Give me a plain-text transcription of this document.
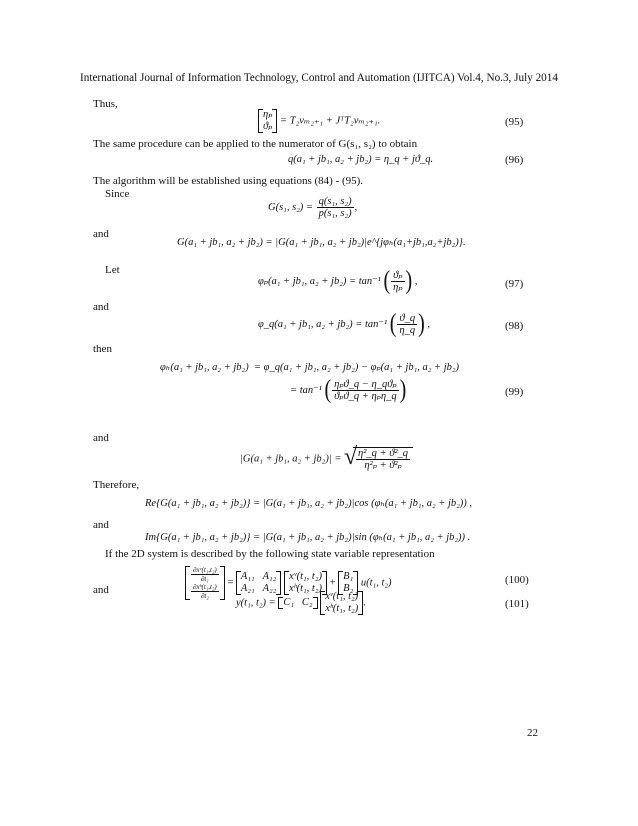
International Journal of Information Technology, Control and Automation (IJITCA) Vol.4, No.3, July 2014
Thus,
ηₚ
ϑₚ
= T₂vₘ₂₊₁ + JᵀT₂vₘ₂₊₁.	(95)
The same procedure can be applied to the numerator of G(s₁, s₂) to obtain
q(a₁ + jb₁, a₂ + jb₂) = η_q + jϑ_q.	(96)
The algorithm will be established using equations (84) - (95).
Since
G(s₁, $s_2) = \frac{\text{q(s₁, s₂)}}{\text{p(s₁, s₂)}}$ ,
and
G(a₁ + jb₁, a₂ + jb₂) = |G(a₁ + jb₁, a₂ + jb₂)|e^{jφₕ(a₁+jb₁,a₂+jb₂)}.
Let
φₚ(a₁ + jb₁, a₂ + jb₂) = tan⁻¹ ( $\frac{\text{ϑₚ}}{\text{ηₚ}}$ ) ,	(97)
and
φ_q(a₁ + jb₁, a₂ + jb₂) = tan⁻¹ ( $\frac{ϑ\_q}{\eta\_q}$ ) ,	(98)
then
φₕ(a₁ + jb₁, a₂ + jb₂) = φ_q(a₁ + jb₁, a₂ + jb₂) − φₚ(a₁ + jb₁, a₂ + jb₂)
= tan⁻¹ ( $\frac{\text{ηₚϑ\_q − η\_qϑₚ}}{\text{ϑₚϑ\_q + ηₚη\_q}}$ )	(99)
and
|G(a₁ + jb₁, a₂ + jb₂)| = √
$\frac{\text{η²\_q + ϑ²\_q}}{\text{η²ₚ + ϑ²ₚ}}$
Therefore,
Re{G(a₁ + jb₁, a₂ + jb₂)} = |G(a₁ + jb₁, a₂ + jb₂)|cos (φₕ(a₁ + jb₁, a₂ + jb₂)) ,
and
Im{G(a₁ + jb₁, a₂ + jb₂)} = |G(a₁ + jb₁, a₂ + jb₂)|sin (φₕ(a₁ + jb₁, a₂ + jb₂)) .
If the 2D system is described by the following state variable representation
$\frac{\text{∂xᵛ(t₁,t₂)}}{\text{∂t₁}}$
$\frac{\text{∂xʰ(t₁,t₂)}}{\text{∂t₂}}$
=
A₁₁ A₁₂
A₂₁ A₂₂

xᵛ(t₁, t₂)
xʰ(t₁, t₂)
+
B₁
B₂
u(t₁, t₂)	(100)
and
y(t₁, t₂) = C₁   C₂
xᵛ(t₁, t₂)
xʰ(t₁, t₂)
.	(101)
22
